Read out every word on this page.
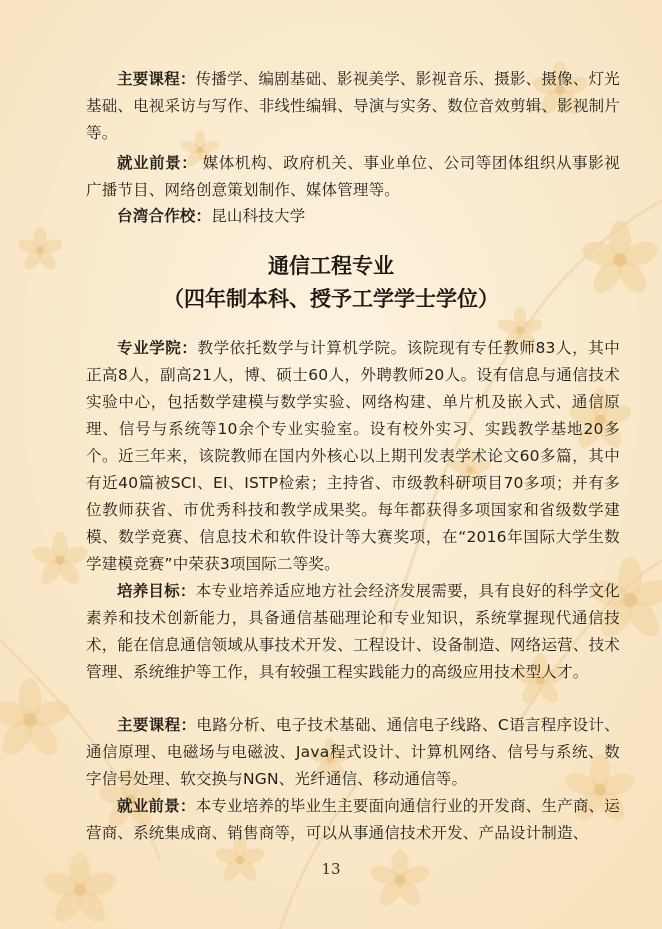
主要课程：传播学、编剧基础、影视美学、影视音乐、摄影、摄像、灯光基础、电视采访与写作、非线性编辑、导演与实务、数位音效剪辑、影视制片等。

就业前景： 媒体机构、政府机关、事业单位、公司等团体组织从事影视广播节目、网络创意策划制作、媒体管理等。

台湾合作校：昆山科技大学

通信工程专业
（四年制本科、授予工学学士学位）

专业学院：教学依托数学与计算机学院。该院现有专任教师83人，其中正高8人，副高21人，博、硕士60人，外聘教师20人。设有信息与通信技术实验中心，包括数学建模与数学实验、网络构建、单片机及嵌入式、通信原理、信号与系统等10余个专业实验室。设有校外实习、实践教学基地20多个。近三年来，该院教师在国内外核心以上期刊发表学术论文60多篇，其中有近40篇被SCI、EI、ISTP检索；主持省、市级教科研项目70多项；并有多位教师获省、市优秀科技和教学成果奖。每年都获得多项国家和省级数学建模、数学竞赛、信息技术和软件设计等大赛奖项，在“2016年国际大学生数学建模竞赛”中荣获3项国际二等奖。

培养目标：本专业培养适应地方社会经济发展需要，具有良好的科学文化素养和技术创新能力，具备通信基础理论和专业知识，系统掌握现代通信技术，能在信息通信领域从事技术开发、工程设计、设备制造、网络运营、技术管理、系统维护等工作，具有较强工程实践能力的高级应用技术型人才。

主要课程：电路分析、电子技术基础、通信电子线路、C语言程序设计、通信原理、电磁场与电磁波、Java程式设计、计算机网络、信号与系统、数字信号处理、软交换与NGN、光纤通信、移动通信等。

就业前景：本专业培养的毕业生主要面向通信行业的开发商、生产商、运营商、系统集成商、销售商等，可以从事通信技术开发、产品设计制造、

13
